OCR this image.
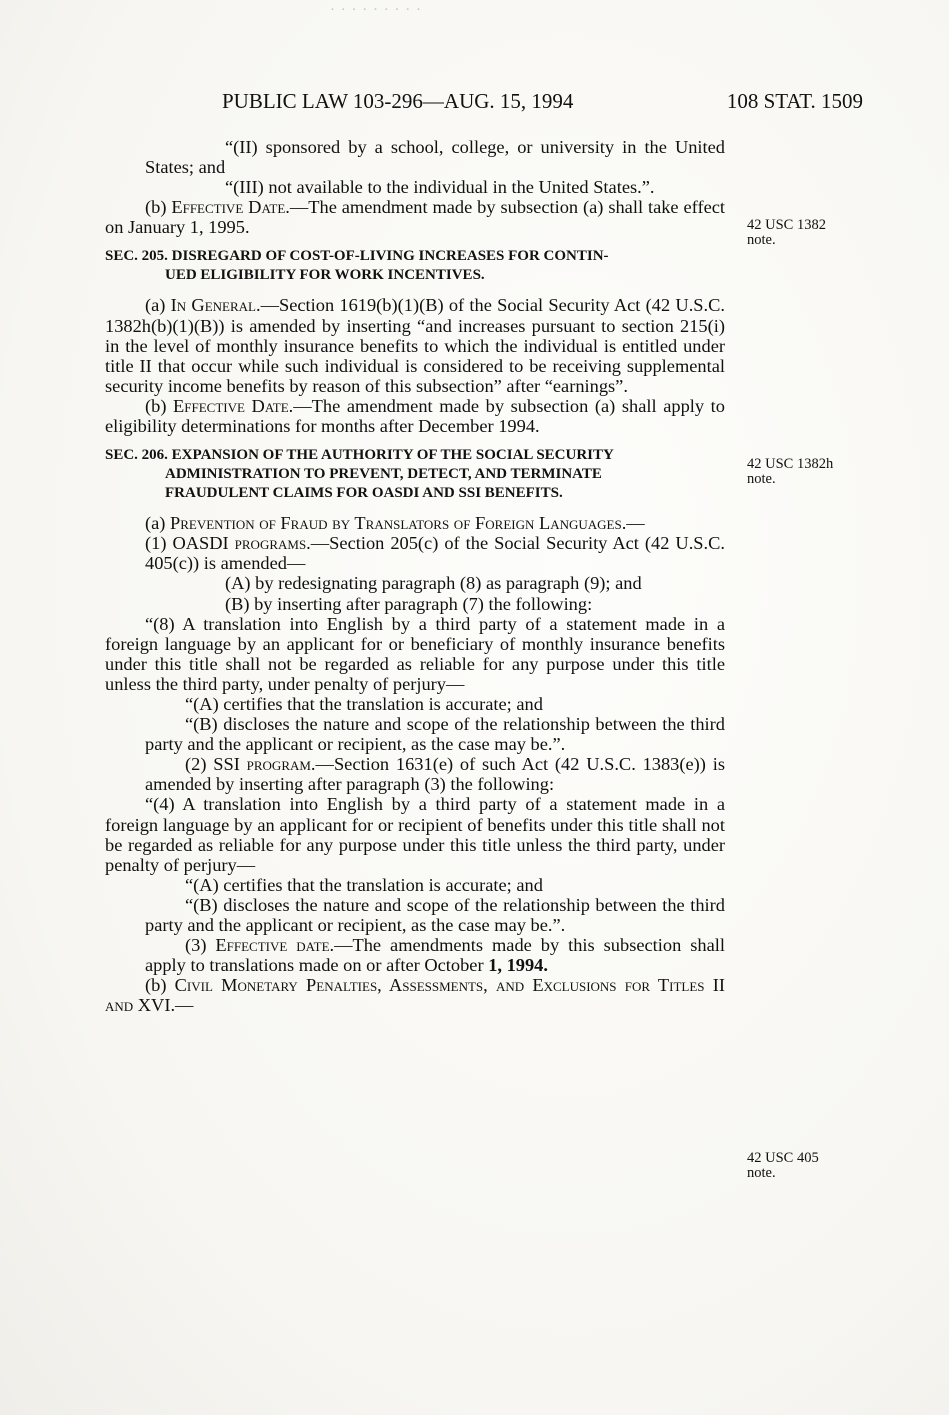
· · · · · · · · ·
PUBLIC LAW 103-296—AUG. 15, 1994	108 STAT. 1509

“(II) sponsored by a school, college, or university in the United States; and

“(III) not available to the individual in the United States.”.

(b) Effective Date.—The amendment made by subsection (a) shall take effect on January 1, 1995.

SEC. 205. DISREGARD OF COST-OF-LIVING INCREASES FOR CONTIN-
UED ELIGIBILITY FOR WORK INCENTIVES.

(a) In General.—Section 1619(b)(1)(B) of the Social Security Act (42 U.S.C. 1382h(b)(1)(B)) is amended by inserting “and increases pursuant to section 215(i) in the level of monthly insurance benefits to which the individual is entitled under title II that occur while such individual is considered to be receiving supplemental security income benefits by reason of this subsection” after “earnings”.

(b) Effective Date.—The amendment made by subsection (a) shall apply to eligibility determinations for months after December 1994.

SEC. 206. EXPANSION OF THE AUTHORITY OF THE SOCIAL SECURITY
ADMINISTRATION TO PREVENT, DETECT, AND TERMINATE
FRAUDULENT CLAIMS FOR OASDI AND SSI BENEFITS.

(a) Prevention of Fraud by Translators of Foreign Languages.—

(1) OASDI programs.—Section 205(c) of the Social Security Act (42 U.S.C. 405(c)) is amended—

(A) by redesignating paragraph (8) as paragraph (9); and

(B) by inserting after paragraph (7) the following:

“(8) A translation into English by a third party of a statement made in a foreign language by an applicant for or beneficiary of monthly insurance benefits under this title shall not be regarded as reliable for any purpose under this title unless the third party, under penalty of perjury—

“(A) certifies that the translation is accurate; and

“(B) discloses the nature and scope of the relationship between the third party and the applicant or recipient, as the case may be.”.

(2) SSI program.—Section 1631(e) of such Act (42 U.S.C. 1383(e)) is amended by inserting after paragraph (3) the following:

“(4) A translation into English by a third party of a statement made in a foreign language by an applicant for or recipient of benefits under this title shall not be regarded as reliable for any purpose under this title unless the third party, under penalty of perjury—

“(A) certifies that the translation is accurate; and

“(B) discloses the nature and scope of the relationship between the third party and the applicant or recipient, as the case may be.”.

(3) Effective date.—The amendments made by this subsection shall apply to translations made on or after October 1, 1994.

(b) Civil Monetary Penalties, Assessments, and Exclusions for Titles II and XVI.—

42 USC 1382
note.
42 USC 1382h
note.
42 USC 405
note.
